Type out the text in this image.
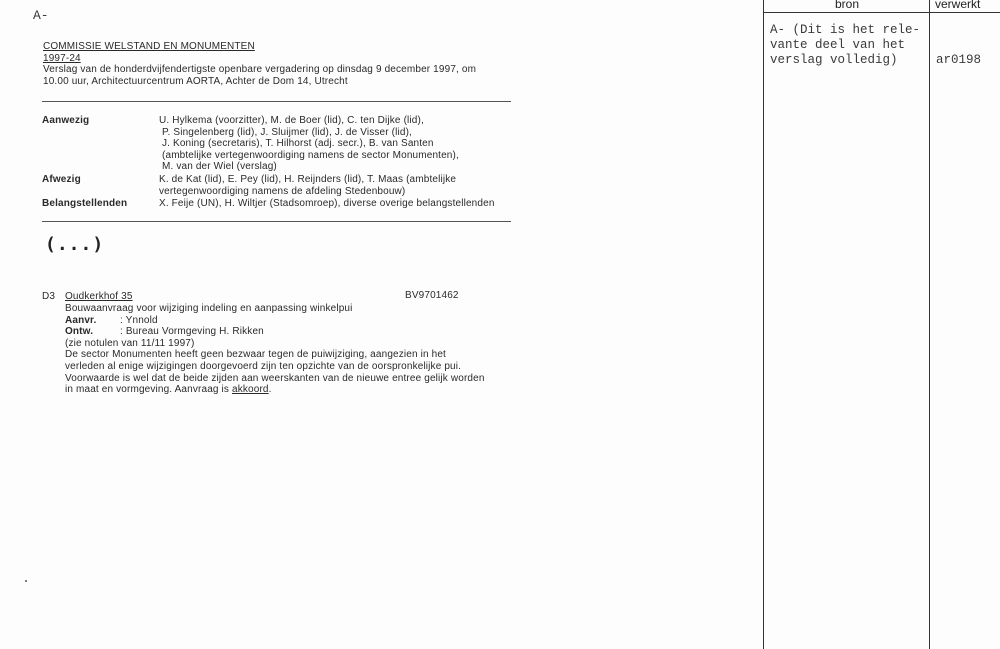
A-
COMMISSIE WELSTAND EN MONUMENTEN
1997-24
Verslag van de honderdvijfendertigste openbare vergadering op dinsdag 9 december 1997, om
10.00 uur, Architectuurcentrum AORTA, Achter de Dom 14, Utrecht
Aanwezig	U. Hylkema (voorzitter), M. de Boer (lid), C. ten Dijke (lid),
P. Singelenberg (lid), J. Sluijmer (lid), J. de Visser (lid),
J. Koning (secretaris), T. Hilhorst (adj. secr.), B. van Santen
(ambtelijke vertegenwoordiging namens de sector Monumenten),
M. van der Wiel (verslag)
Afwezig	K. de Kat (lid), E. Pey (lid), H. Reijnders (lid), T. Maas (ambtelijke
vertegenwoordiging namens de afdeling Stedenbouw)
Belangstellenden	X. Feije (UN), H. Wiltjer (Stadsomroep), diverse overige belangstellenden
(...)
D3 Oudkerkhof 35	BV9701462
Bouwaanvraag voor wijziging indeling en aanpassing winkelpui
Aanvr. : Ynnold
Ontw.	: Bureau Vormgeving H. Rikken
(zie notulen van 11/11 1997)
De sector Monumenten heeft geen bezwaar tegen de puiwijziging, aangezien in het
verleden al enige wijzigingen doorgevoerd zijn ten opzichte van de oorspronkelijke pui.
Voorwaarde is wel dat de beide zijden aan weerskanten van de nieuwe entree gelijk worden
in maat en vormgeving. Aanvraag is akkoord.
bron	verwerkt
A- (Dit is het rele-
vante deel van het
verslag volledig)	ar0198
